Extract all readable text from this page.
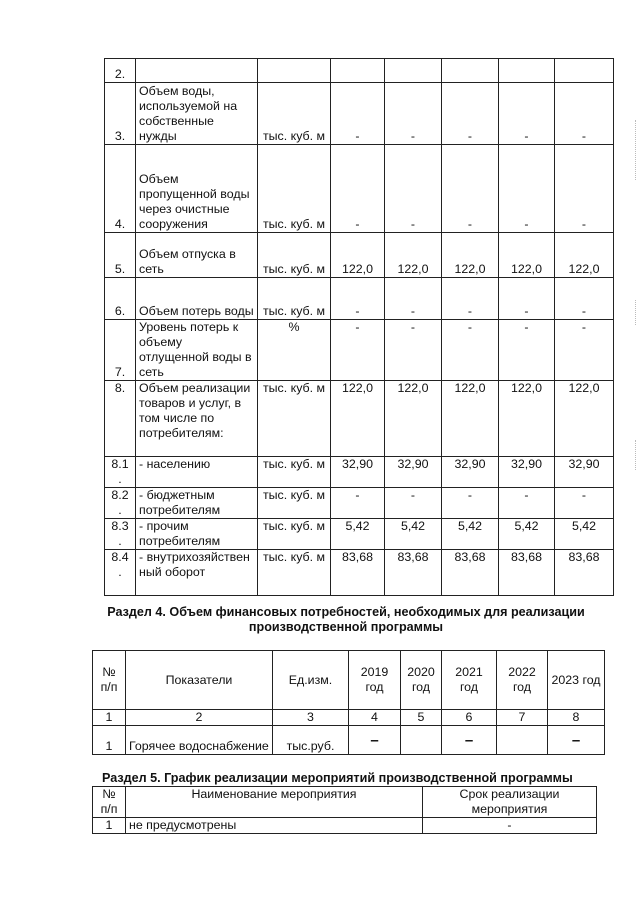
2.							
3.	Объем воды, используемой на собственные нужды	тыс. куб. м	-	-	-	-	-
4.	Объем пропущенной воды через очистные сооружения	тыс. куб. м	-	-	-	-	-
5.	Объем отпуска в сеть	тыс. куб. м	122,0	122,0	122,0	122,0	122,0
6.	Объем потерь воды	тыс. куб. м	-	-	-	-	-
7.	Уровень потерь к объему отлущенной воды в сеть	%	-	-	-	-	-
8.	Объем реализации товаров и услуг, в том числе по потребителям:	тыс. куб. м	122,0	122,0	122,0	122,0	122,0
8.1 .	- населению	тыс. куб. м	32,90	32,90	32,90	32,90	32,90
8.2 .	- бюджетным потребителям	тыс. куб. м	-	-	-	-	-
8.3 .	- прочим потребителям	тыс. куб. м	5,42	5,42	5,42	5,42	5,42
8.4 .	- внутрихозяйствен ный оборот	тыс. куб. м	83,68	83,68	83,68	83,68	83,68
Раздел 4. Объем финансовых потребностей, необходимых для реализации производственной программы
№ п/п	Показатели	Ед.изм.	2019 год	2020 год	2021 год	2022 год	2023 год
1	2	3	4	5	6	7	8
1	Горячее водоснабжение	тыс.руб.	–		–		–
Раздел 5. График реализации мероприятий производственной программы
№ п/п	Наименование мероприятия	Срок реализации мероприятия
1	не предусмотрены	-
